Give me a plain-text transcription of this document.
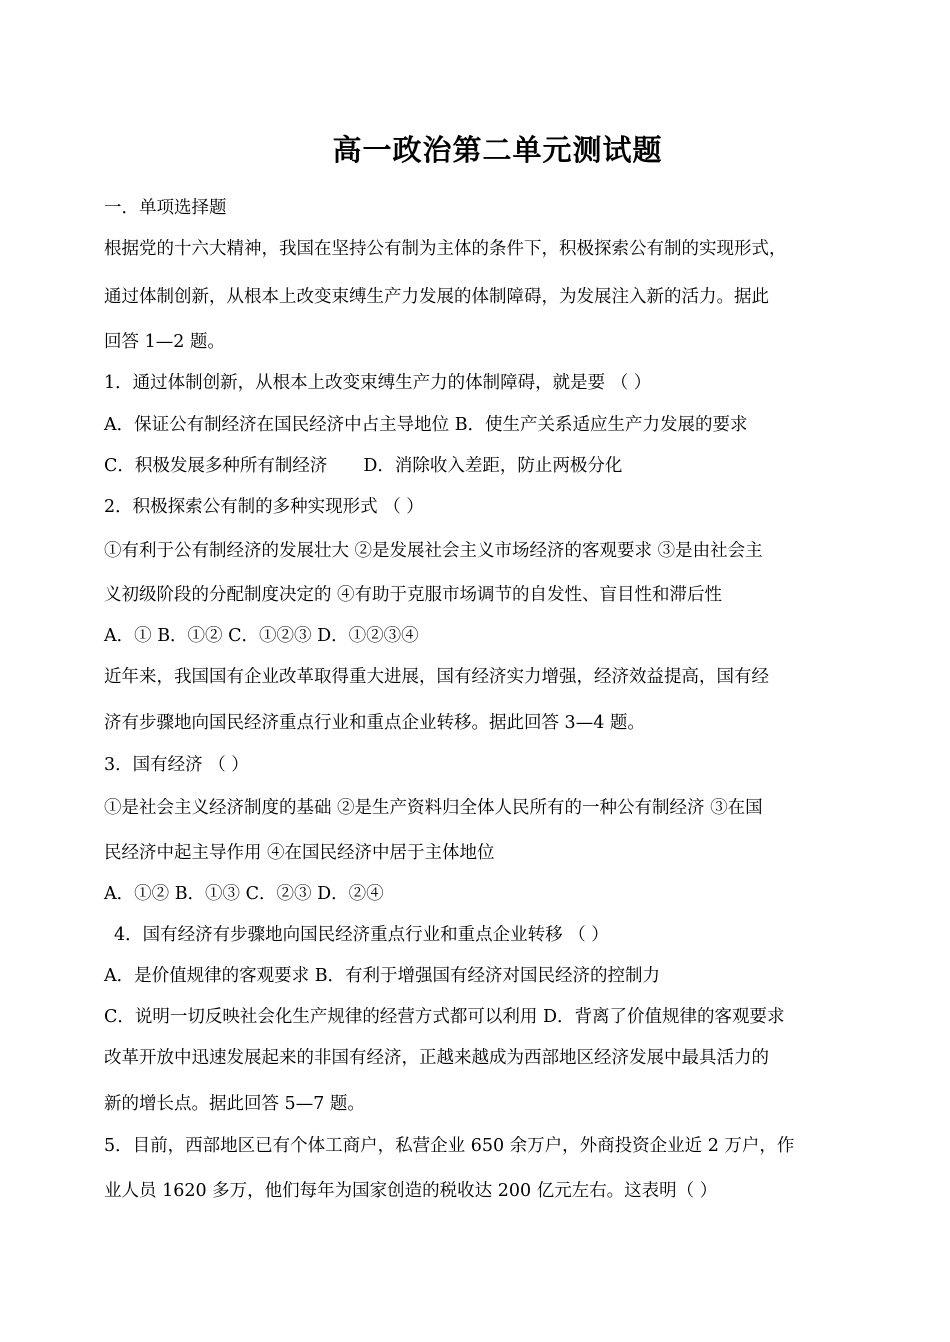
高一政治第二单元测试题
一．单项选择题
根据党的十六大精神，我国在坚持公有制为主体的条件下，积极探索公有制的实现形式，
通过体制创新，从根本上改变束缚生产力发展的体制障碍，为发展注入新的活力。据此
回答 1—2 题。
1．通过体制创新，从根本上改变束缚生产力的体制障碍，就是要 （ ）
A．保证公有制经济在国民经济中占主导地位 B．使生产关系适应生产力发展的要求
C．积极发展多种所有制经济 D．消除收入差距，防止两极分化
2．积极探索公有制的多种实现形式 （ ）
①有利于公有制经济的发展壮大 ②是发展社会主义市场经济的客观要求 ③是由社会主
义初级阶段的分配制度决定的 ④有助于克服市场调节的自发性、盲目性和滞后性
A．① B．①② C．①②③ D．①②③④
近年来，我国国有企业改革取得重大进展，国有经济实力增强，经济效益提高，国有经
济有步骤地向国民经济重点行业和重点企业转移。据此回答 3—4 题。
3．国有经济 （ ）
①是社会主义经济制度的基础 ②是生产资料归全体人民所有的一种公有制经济 ③在国
民经济中起主导作用 ④在国民经济中居于主体地位
A．①② B．①③ C．②③ D．②④
4．国有经济有步骤地向国民经济重点行业和重点企业转移 （ ）
A．是价值规律的客观要求 B．有利于增强国有经济对国民经济的控制力
C．说明一切反映社会化生产规律的经营方式都可以利用 D．背离了价值规律的客观要求
改革开放中迅速发展起来的非国有经济，正越来越成为西部地区经济发展中最具活力的
新的增长点。据此回答 5—7 题。
5．目前，西部地区已有个体工商户，私营企业 650 余万户，外商投资企业近 2 万户，作
业人员 1620 多万，他们每年为国家创造的税收达 200 亿元左右。这表明（ ）
